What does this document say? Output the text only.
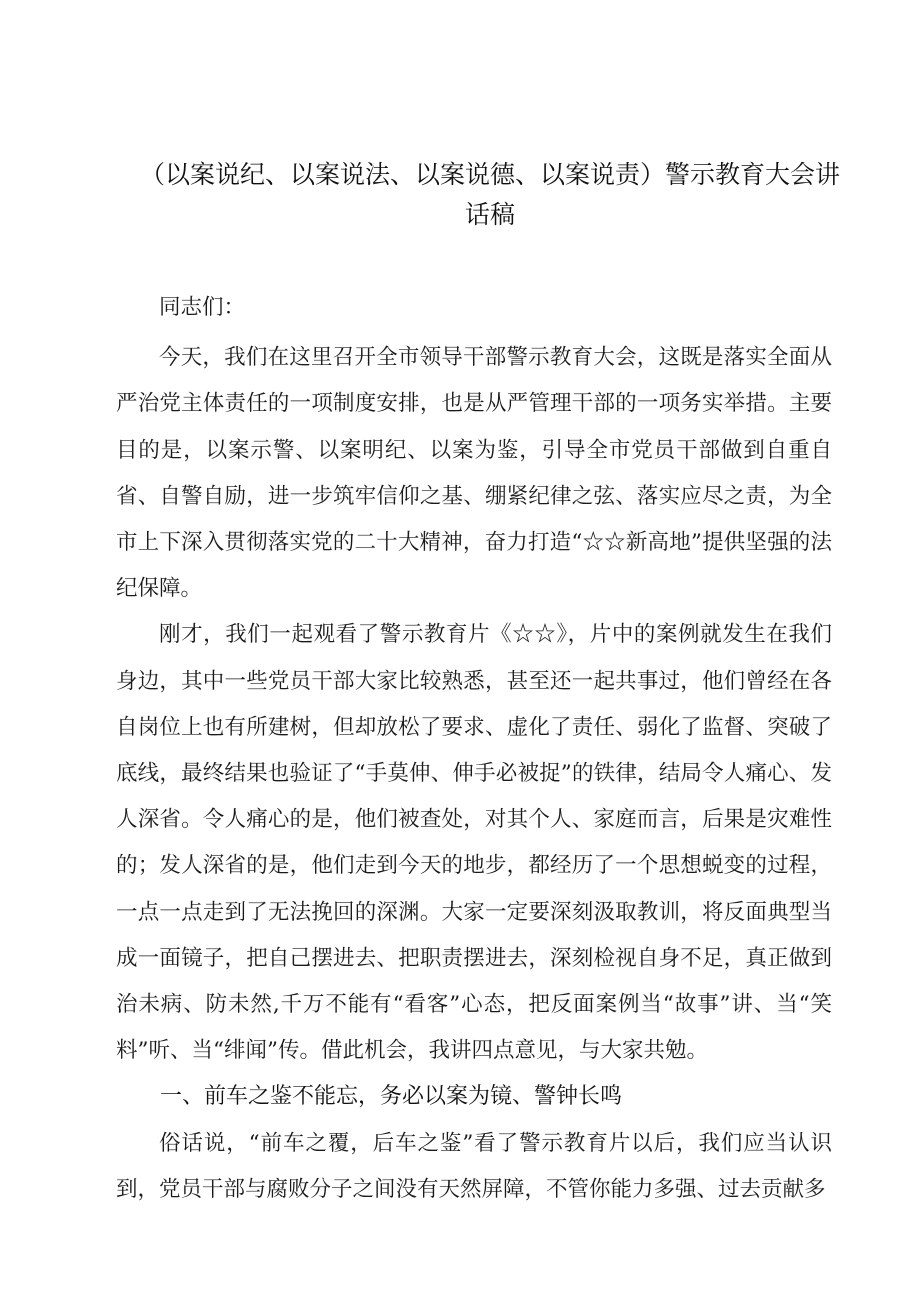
（以案说纪、以案说法、以案说德、以案说责）警示教育大会讲话稿

同志们：

今天，我们在这里召开全市领导干部警示教育大会，这既是落实全面从严治党主体责任的一项制度安排，也是从严管理干部的一项务实举措。主要目的是，以案示警、以案明纪、以案为鉴，引导全市党员干部做到自重自省、自警自励，进一步筑牢信仰之基、绷紧纪律之弦、落实应尽之责，为全市上下深入贯彻落实党的二十大精神，奋力打造“☆☆新高地”提供坚强的法纪保障。

刚才，我们一起观看了警示教育片《☆☆》，片中的案例就发生在我们身边，其中一些党员干部大家比较熟悉，甚至还一起共事过，他们曾经在各自岗位上也有所建树，但却放松了要求、虚化了责任、弱化了监督、突破了底线，最终结果也验证了“手莫伸、伸手必被捉”的铁律，结局令人痛心、发人深省。令人痛心的是，他们被查处，对其个人、家庭而言，后果是灾难性的；发人深省的是，他们走到今天的地步，都经历了一个思想蜕变的过程，一点一点走到了无法挽回的深渊。大家一定要深刻汲取教训，将反面典型当成一面镜子，把自己摆进去、把职责摆进去，深刻检视自身不足，真正做到治未病、防未然,千万不能有“看客”心态，把反面案例当“故事”讲、当“笑料”听、当“绯闻”传。借此机会，我讲四点意见，与大家共勉。

一、前车之鉴不能忘，务必以案为镜、警钟长鸣

俗话说，“前车之覆，后车之鉴”看了警示教育片以后，我们应当认识到，党员干部与腐败分子之间没有天然屏障，不管你能力多强、过去贡献多
